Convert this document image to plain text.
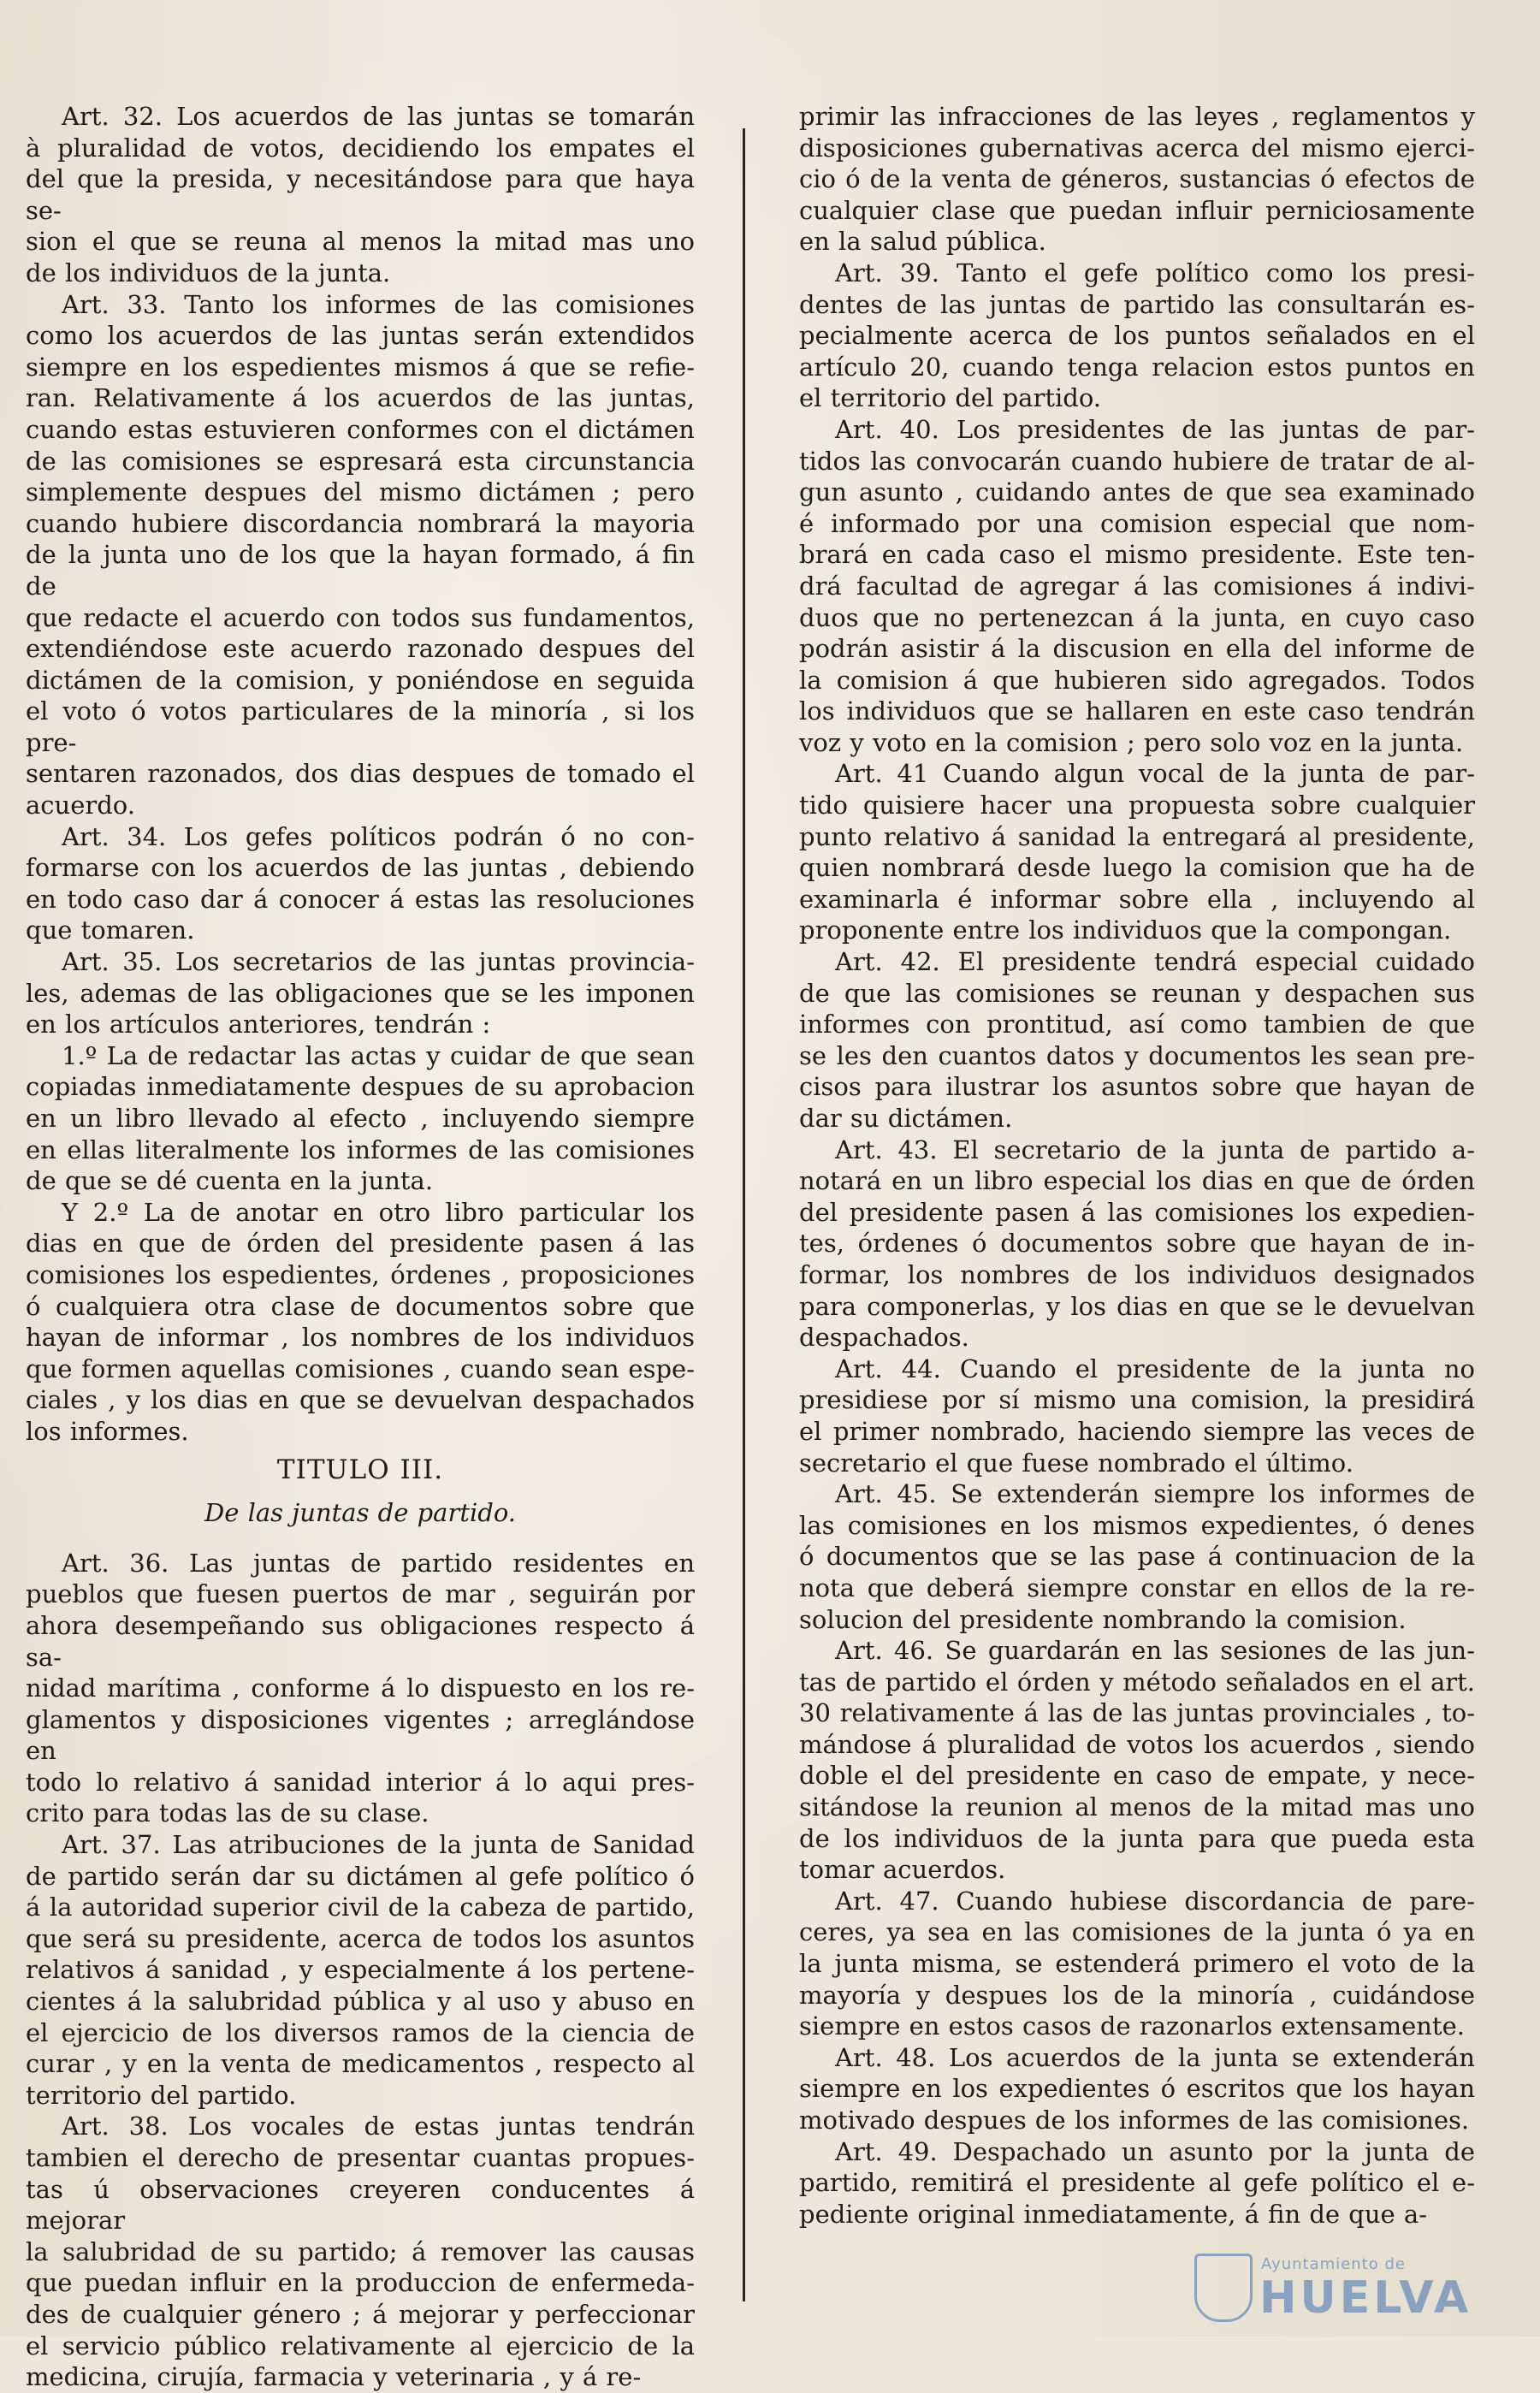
Art. 32. Los acuerdos de las juntas se tomarán
à pluralidad de votos, decidiendo los empates el
del que la presida, y necesitándose para que haya se-
sion el que se reuna al menos la mitad mas uno
de los individuos de la junta.
Art. 33. Tanto los informes de las comisiones
como los acuerdos de las juntas serán extendidos
siempre en los espedientes mismos á que se refie-
ran. Relativamente á los acuerdos de las juntas,
cuando estas estuvieren conformes con el dictámen
de las comisiones se espresará esta circunstancia
simplemente despues del mismo dictámen ; pero
cuando hubiere discordancia nombrará la mayoria
de la junta uno de los que la hayan formado, á fin de
que redacte el acuerdo con todos sus fundamentos,
extendiéndose este acuerdo razonado despues del
dictámen de la comision, y poniéndose en seguida
el voto ó votos particulares de la minoría , si los pre-
sentaren razonados, dos dias despues de tomado el
acuerdo.
Art. 34. Los gefes políticos podrán ó no con-
formarse con los acuerdos de las juntas , debiendo
en todo caso dar á conocer á estas las resoluciones
que tomaren.
Art. 35. Los secretarios de las juntas provincia-
les, ademas de las obligaciones que se les imponen
en los artículos anteriores, tendrán :
1.º La de redactar las actas y cuidar de que sean
copiadas inmediatamente despues de su aprobacion
en un libro llevado al efecto , incluyendo siempre
en ellas literalmente los informes de las comisiones
de que se dé cuenta en la junta.
Y 2.º La de anotar en otro libro particular los
dias en que de órden del presidente pasen á las
comisiones los espedientes, órdenes , proposiciones
ó cualquiera otra clase de documentos sobre que
hayan de informar , los nombres de los individuos
que formen aquellas comisiones , cuando sean espe-
ciales , y los dias en que se devuelvan despachados
los informes.
TITULO III.
De las juntas de partido.
Art. 36. Las juntas de partido residentes en
pueblos que fuesen puertos de mar , seguirán por
ahora desempeñando sus obligaciones respecto á sa-
nidad marítima , conforme á lo dispuesto en los re-
glamentos y disposiciones vigentes ; arreglándose en
todo lo relativo á sanidad interior á lo aqui pres-
crito para todas las de su clase.
Art. 37. Las atribuciones de la junta de Sanidad
de partido serán dar su dictámen al gefe político ó
á la autoridad superior civil de la cabeza de partido,
que será su presidente, acerca de todos los asuntos
relativos á sanidad , y especialmente á los pertene-
cientes á la salubridad pública y al uso y abuso en
el ejercicio de los diversos ramos de la ciencia de
curar , y en la venta de medicamentos , respecto al
territorio del partido.
Art. 38. Los vocales de estas juntas tendrán
tambien el derecho de presentar cuantas propues-
tas ú observaciones creyeren conducentes á mejorar
la salubridad de su partido; á remover las causas
que puedan influir en la produccion de enfermeda-
des de cualquier género ; á mejorar y perfeccionar
el servicio público relativamente al ejercicio de la
medicina, cirujía, farmacia y veterinaria , y á re-
primir las infracciones de las leyes , reglamentos y
disposiciones gubernativas acerca del mismo ejerci-
cio ó de la venta de géneros, sustancias ó efectos de
cualquier clase que puedan influir perniciosamente
en la salud pública.
Art. 39. Tanto el gefe político como los presi-
dentes de las juntas de partido las consultarán es-
pecialmente acerca de los puntos señalados en el
artículo 20, cuando tenga relacion estos puntos en
el territorio del partido.
Art. 40. Los presidentes de las juntas de par-
tidos las convocarán cuando hubiere de tratar de al-
gun asunto , cuidando antes de que sea examinado
é informado por una comision especial que nom-
brará en cada caso el mismo presidente. Este ten-
drá facultad de agregar á las comisiones á indivi-
duos que no pertenezcan á la junta, en cuyo caso
podrán asistir á la discusion en ella del informe de
la comision á que hubieren sido agregados. Todos
los individuos que se hallaren en este caso tendrán
voz y voto en la comision ; pero solo voz en la junta.
Art. 41 Cuando algun vocal de la junta de par-
tido quisiere hacer una propuesta sobre cualquier
punto relativo á sanidad la entregará al presidente,
quien nombrará desde luego la comision que ha de
examinarla é informar sobre ella , incluyendo al
proponente entre los individuos que la compongan.
Art. 42. El presidente tendrá especial cuidado
de que las comisiones se reunan y despachen sus
informes con prontitud, así como tambien de que
se les den cuantos datos y documentos les sean pre-
cisos para ilustrar los asuntos sobre que hayan de
dar su dictámen.
Art. 43. El secretario de la junta de partido a-
notará en un libro especial los dias en que de órden
del presidente pasen á las comisiones los expedien-
tes, órdenes ó documentos sobre que hayan de in-
formar, los nombres de los individuos designados
para componerlas, y los dias en que se le devuelvan
despachados.
Art. 44. Cuando el presidente de la junta no
presidiese por sí mismo una comision, la presidirá
el primer nombrado, haciendo siempre las veces de
secretario el que fuese nombrado el último.
Art. 45. Se extenderán siempre los informes de
las comisiones en los mismos expedientes, ó denes
ó documentos que se las pase á continuacion de la
nota que deberá siempre constar en ellos de la re-
solucion del presidente nombrando la comision.
Art. 46. Se guardarán en las sesiones de las jun-
tas de partido el órden y método señalados en el art.
30 relativamente á las de las juntas provinciales , to-
mándose á pluralidad de votos los acuerdos , siendo
doble el del presidente en caso de empate, y nece-
sitándose la reunion al menos de la mitad mas uno
de los individuos de la junta para que pueda esta
tomar acuerdos.
Art. 47. Cuando hubiese discordancia de pare-
ceres, ya sea en las comisiones de la junta ó ya en
la junta misma, se estenderá primero el voto de la
mayoría y despues los de la minoría , cuidándose
siempre en estos casos de razonarlos extensamente.
Art. 48. Los acuerdos de la junta se extenderán
siempre en los expedientes ó escritos que los hayan
motivado despues de los informes de las comisiones.
Art. 49. Despachado un asunto por la junta de
partido, remitirá el presidente al gefe político el e-
pediente original inmediatamente, á fin de que a-
Ayuntamiento de
HUELVA
